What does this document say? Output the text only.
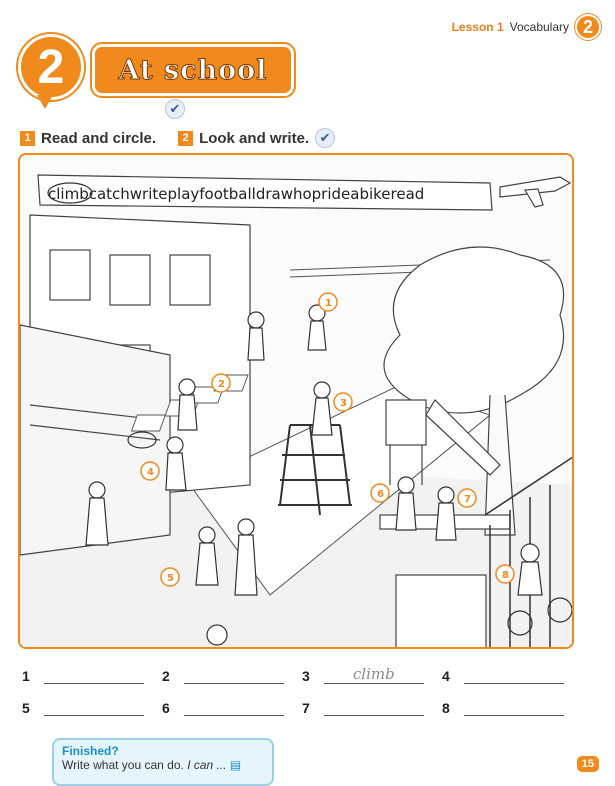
Lesson 1 Vocabulary 2
2	At school
✔
1 Read and circle.	2 Look and write. ✔
climbcatchwriteplayfootballdrawhoprideabikeread
1
2
3
4
5
6	7
8
1	2	3	climb	4
5	6	7	8
Finished?
Write what you can do. I can ... ▤	15
